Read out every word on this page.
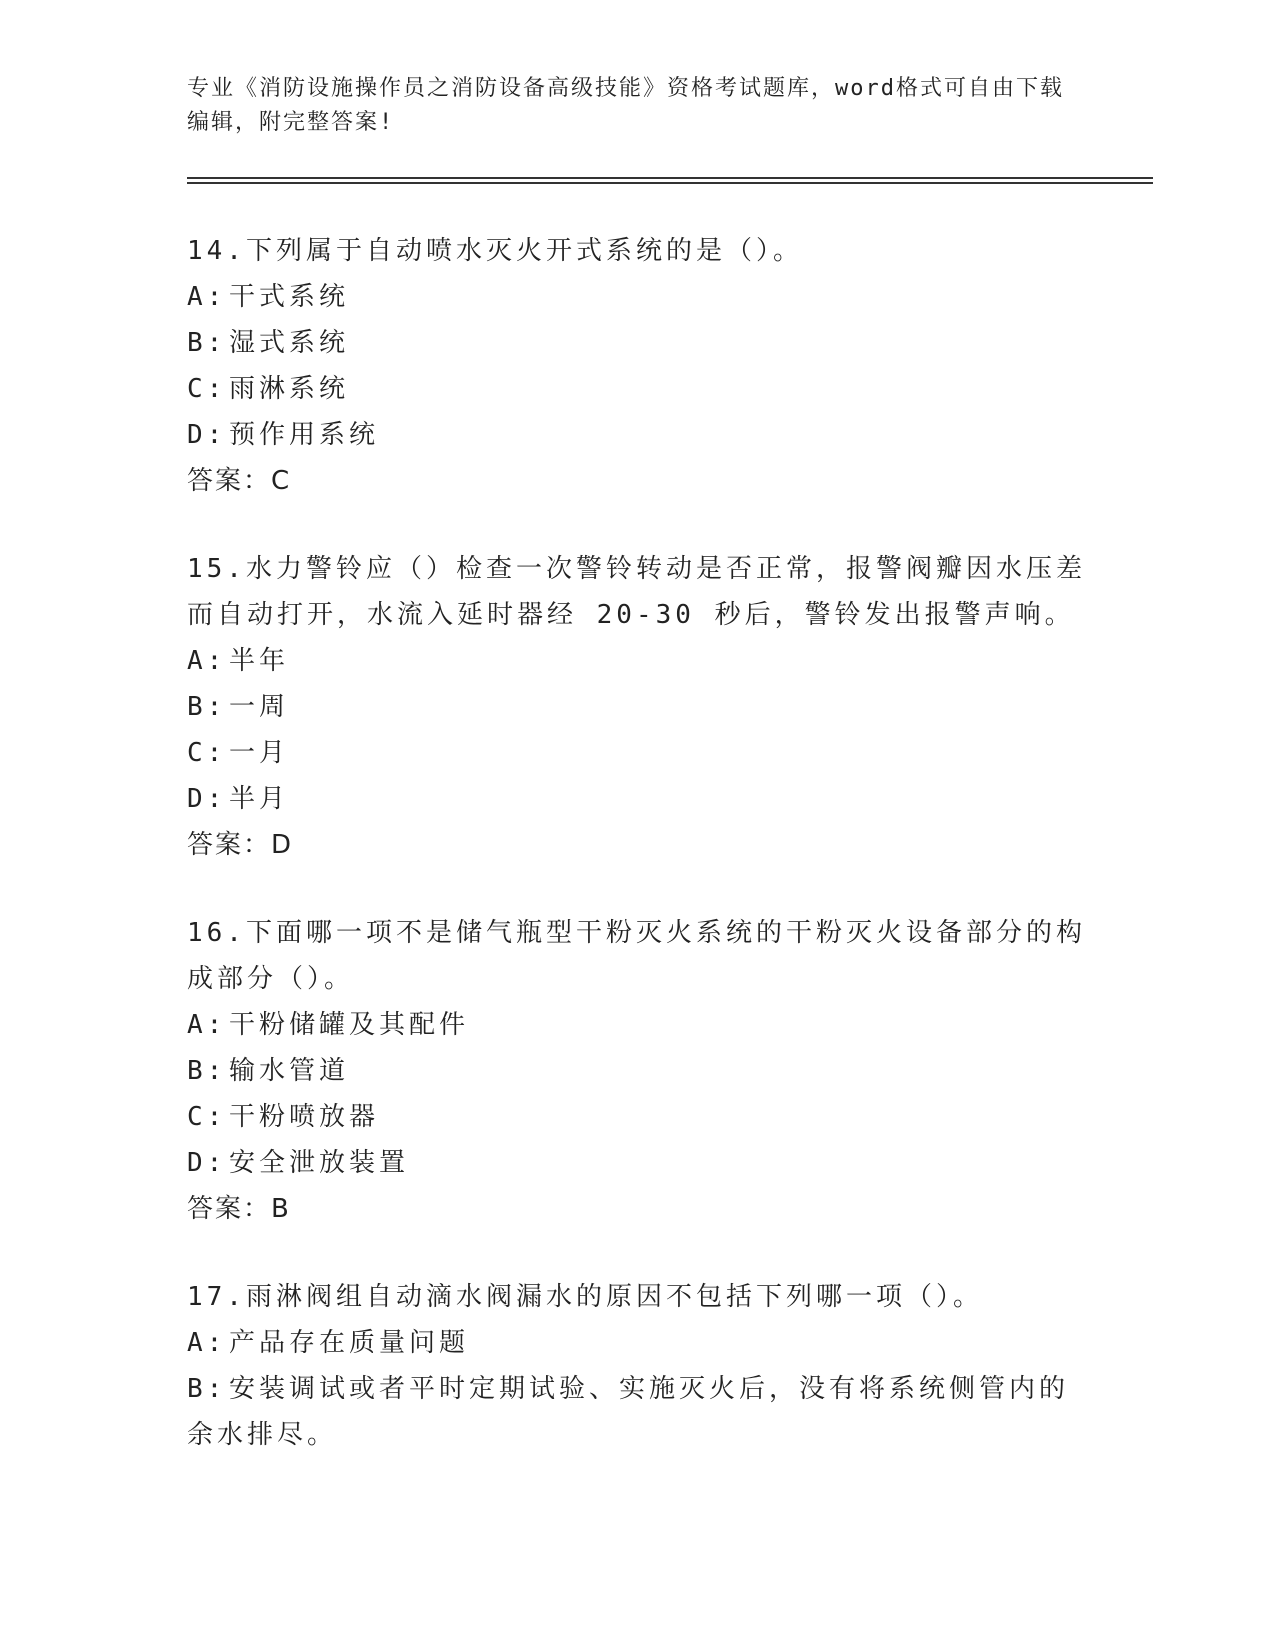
专业《消防设施操作员之消防设备高级技能》资格考试题库，word格式可自由下载编辑，附完整答案!

14.下列属于自动喷水灭火开式系统的是（）。

A: 干式系统

B: 湿式系统

C: 雨淋系统

D: 预作用系统

答案：C

15.水力警铃应（）检查一次警铃转动是否正常，报警阀瓣因水压差而自动打开，水流入延时器经 20-30 秒后，警铃发出报警声响。

A: 半年

B: 一周

C: 一月

D: 半月

答案：D

16.下面哪一项不是储气瓶型干粉灭火系统的干粉灭火设备部分的构成部分（）。

A: 干粉储罐及其配件

B: 输水管道

C: 干粉喷放器

D: 安全泄放装置

答案：B

17.雨淋阀组自动滴水阀漏水的原因不包括下列哪一项（）。

A: 产品存在质量问题

B: 安装调试或者平时定期试验、实施灭火后，没有将系统侧管内的余水排尽。
